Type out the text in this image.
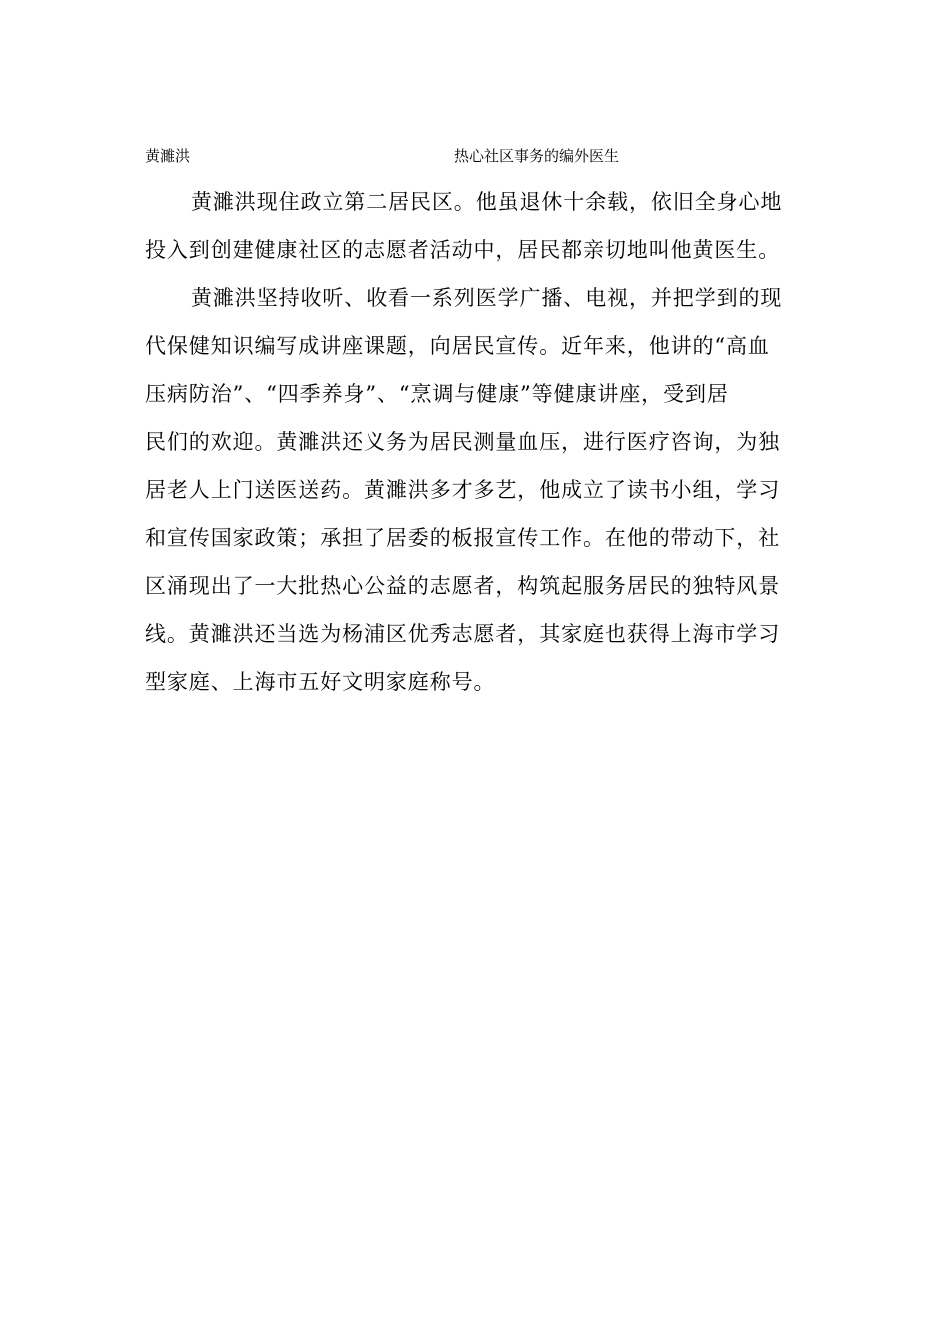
黄濉洪	热心社区事务的编外医生
黄濉洪现住政立第二居民区。他虽退休十余载，依旧全身心地
投入到创建健康社区的志愿者活动中，居民都亲切地叫他黄医生。
黄濉洪坚持收听、收看一系列医学广播、电视，并把学到的现
代保健知识编写成讲座课题，向居民宣传。近年来，他讲的“高血
压病防治”、“四季养身”、“烹调与健康”等健康讲座，受到居
民们的欢迎。黄濉洪还义务为居民测量血压，进行医疗咨询，为独
居老人上门送医送药。黄濉洪多才多艺，他成立了读书小组，学习
和宣传国家政策；承担了居委的板报宣传工作。在他的带动下，社
区涌现出了一大批热心公益的志愿者，构筑起服务居民的独特风景
线。黄濉洪还当选为杨浦区优秀志愿者，其家庭也获得上海市学习
型家庭、上海市五好文明家庭称号。
